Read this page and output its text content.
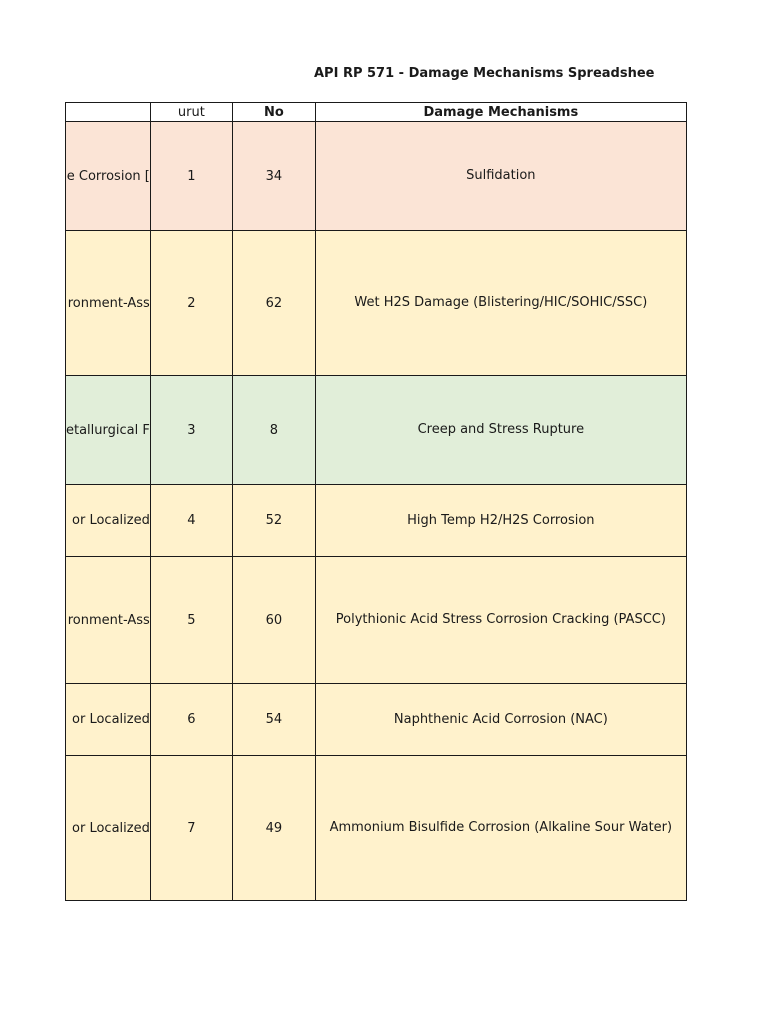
API RP 571 - Damage Mechanisms Spreadshee
	urut	No	Damage Mechanisms
e Corrosion [	1	34	Sulfidation
ronment-Ass	2	62	Wet H2S Damage (Blistering/HIC/SOHIC/SSC)
etallurgical F	3	8	Creep and Stress Rupture
or Localized	4	52	High Temp H2/H2S Corrosion
ronment-Ass	5	60	Polythionic Acid Stress Corrosion Cracking (PASCC)
or Localized	6	54	Naphthenic Acid Corrosion (NAC)
or Localized	7	49	Ammonium Bisulfide Corrosion (Alkaline Sour Water)
